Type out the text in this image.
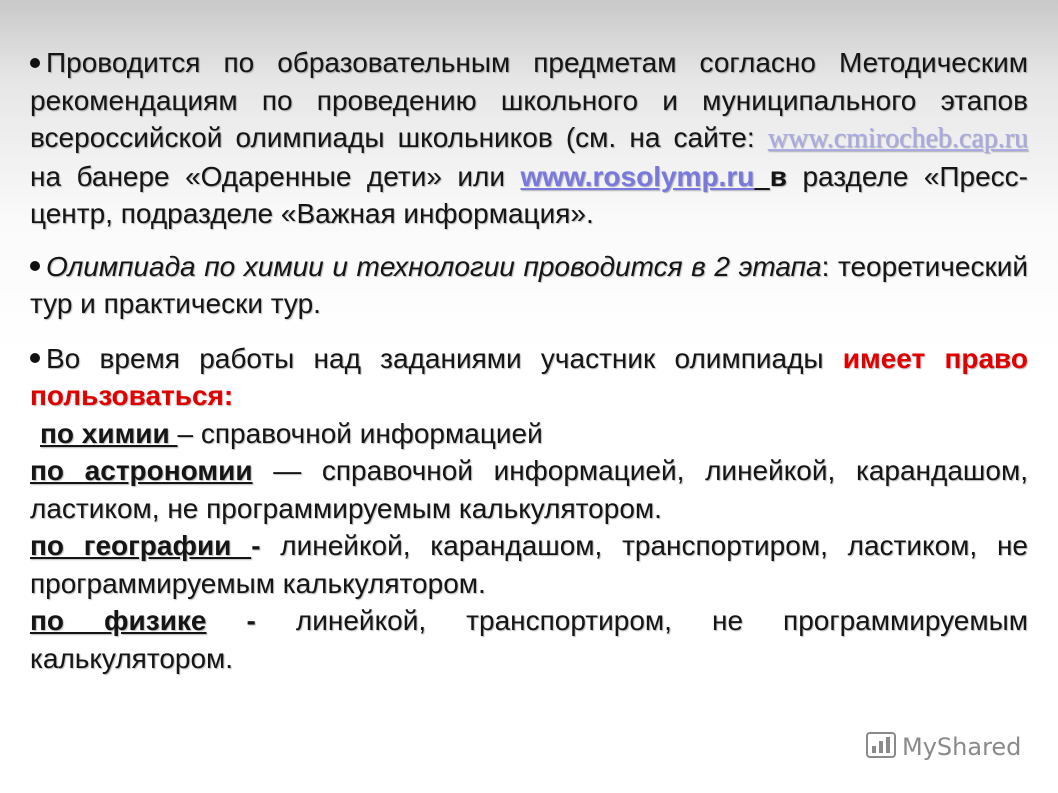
Проводится по образовательным предметам согласно Методическим рекомендациям по проведению школьного и муниципального этапов всероссийской олимпиады школьников (см. на сайте: www.cmirocheb.cap.ru на банере «Одаренные дети» или www.rosolymp.ru в разделе «Пресс-центр, подразделе «Важная информация».
Олимпиада по химии и технологии проводится в 2 этапа: теоретический тур и практически тур.
Во время работы над заданиями участник олимпиады имеет право пользоваться:
по химии – справочной информацией
по астрономии — справочной информацией, линейкой, карандашом, ластиком, не программируемым калькулятором.
по географии - линейкой, карандашом, транспортиром, ластиком, не программируемым калькулятором.
по физике - линейкой, транспортиром, не программируемым калькулятором.
MyShared
